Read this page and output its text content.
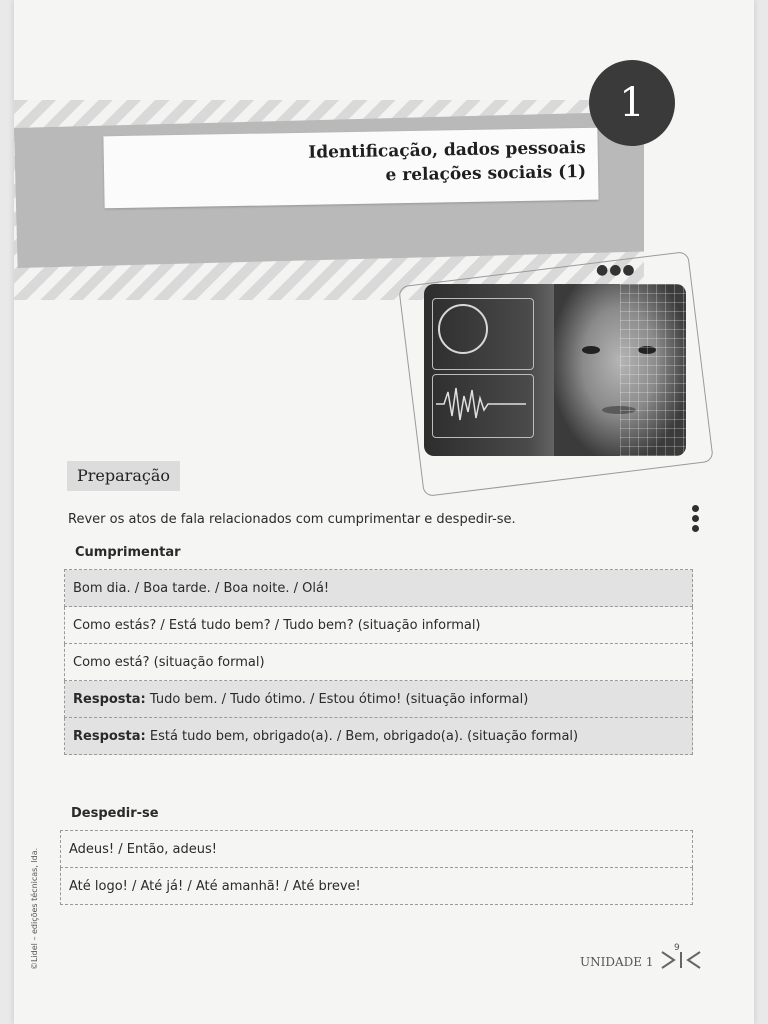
Identificação, dados pessoais
e relações sociais (1)
1
●●●
Preparação
Rever os atos de fala relacionados com cumprimentar e despedir-se.
Cumprimentar
Bom dia. / Boa tarde. / Boa noite. / Olá!
Como estás? / Está tudo bem? / Tudo bem? (situação informal)
Como está? (situação formal)
Resposta: Tudo bem. / Tudo ótimo. / Estou ótimo! (situação informal)
Resposta: Está tudo bem, obrigado(a). / Bem, obrigado(a). (situação formal)
Despedir-se
Adeus! / Então, adeus!
Até logo! / Até já! / Até amanhã! / Até breve!
©Lidel – edições técnicas, lda.	UNIDADE 1
9
